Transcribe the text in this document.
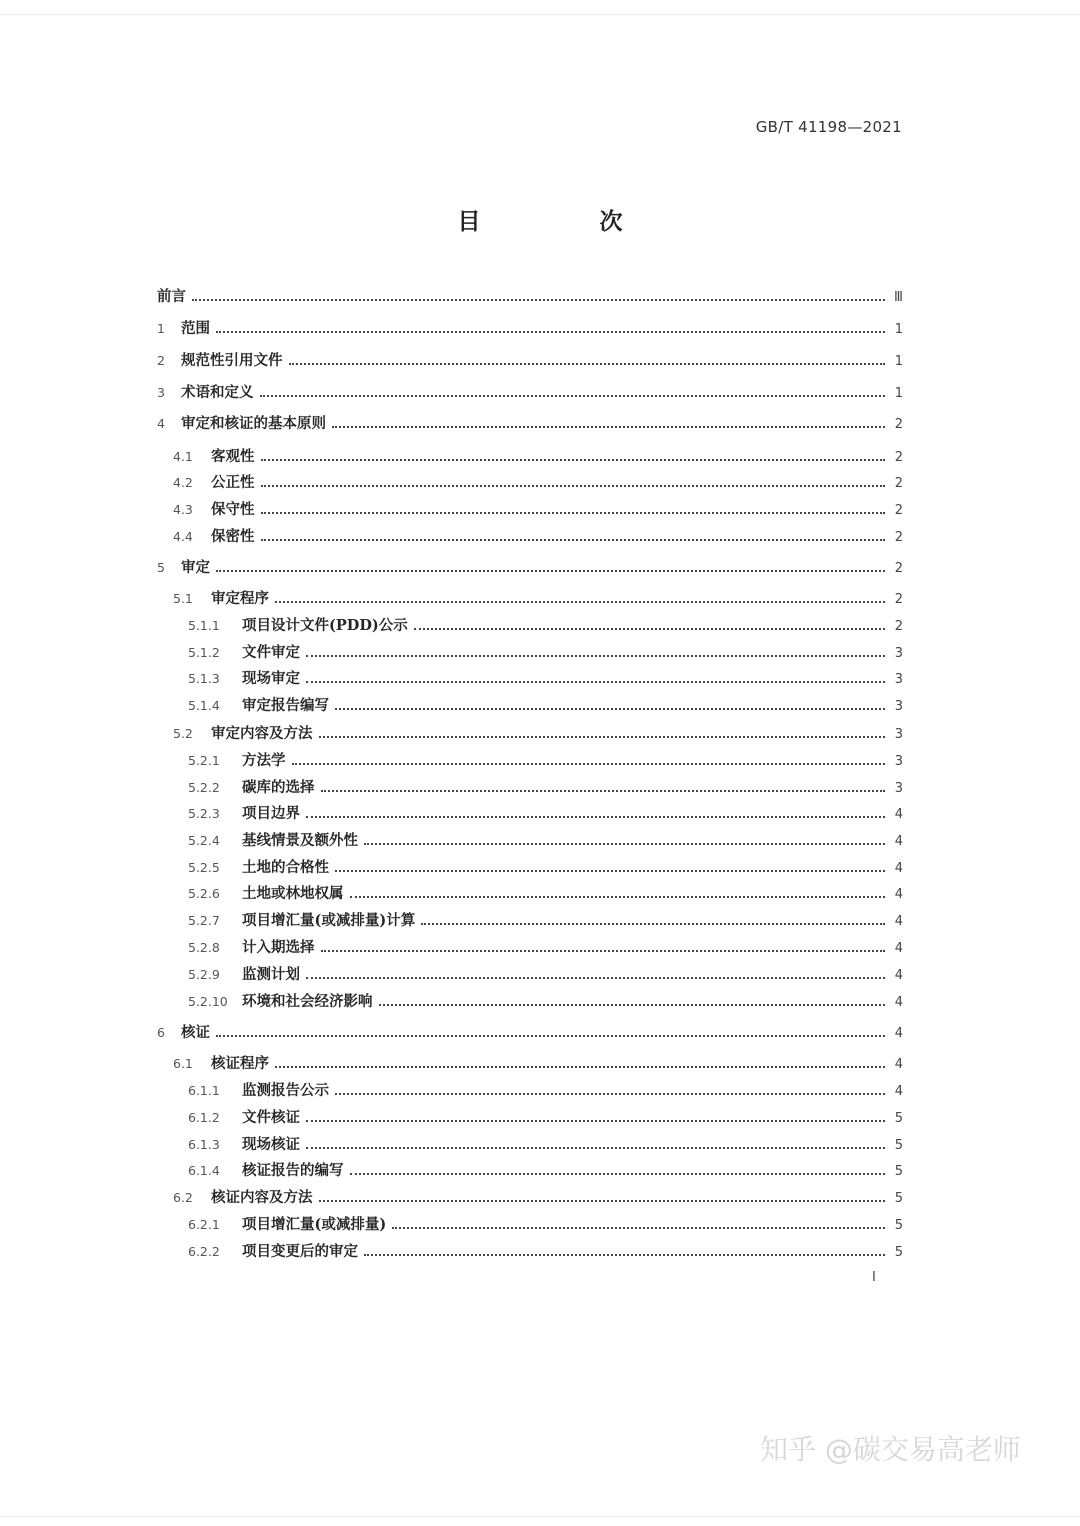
GB/T 41198—2021
目　次
前言	Ⅲ
1	范围	1
2	规范性引用文件	1
3	术语和定义	1
4	审定和核证的基本原则	2
4.1	客观性	2
4.2	公正性	2
4.3	保守性	2
4.4	保密性	2
5	审定	2
5.1	审定程序	2
5.1.1	项目设计文件(PDD)公示	2
5.1.2	文件审定	3
5.1.3	现场审定	3
5.1.4	审定报告编写	3
5.2	审定内容及方法	3
5.2.1	方法学	3
5.2.2	碳库的选择	3
5.2.3	项目边界	4
5.2.4	基线情景及额外性	4
5.2.5	土地的合格性	4
5.2.6	土地或林地权属	4
5.2.7	项目增汇量(或减排量)计算	4
5.2.8	计入期选择	4
5.2.9	监测计划	4
5.2.10 环境和社会经济影响	4
6	核证	4
6.1	核证程序	4
6.1.1	监测报告公示	4
6.1.2	文件核证	5
6.1.3	现场核证	5
6.1.4	核证报告的编写	5
6.2	核证内容及方法	5
6.2.1	项目增汇量(或减排量)	5
6.2.2	项目变更后的审定	5
I
知乎 @碳交易高老师
